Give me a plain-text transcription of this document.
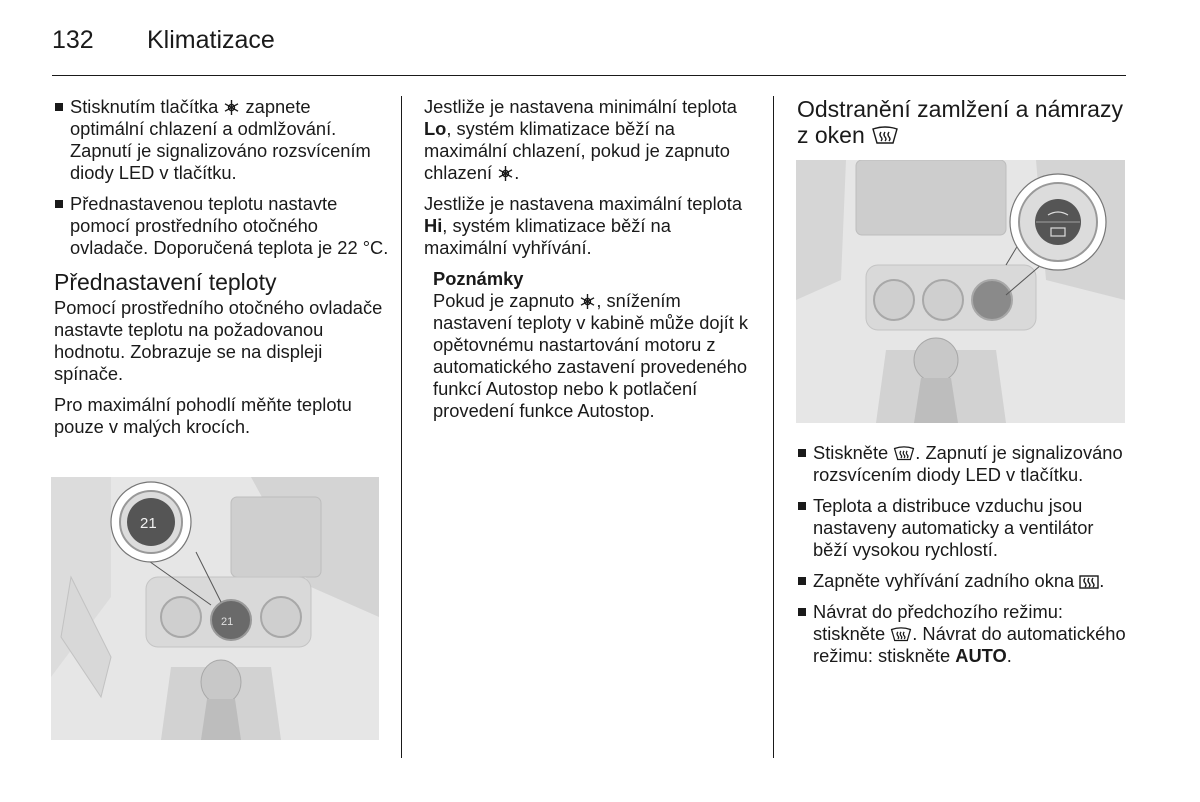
132 Klimatizace
Stisknutím tlačítka zapnete optimální chlazení a odmlžování. Zapnutí je signalizováno rozsvícením diody LED v tlačítku.
Přednastavenou teplotu nastavte pomocí prostředního otočného ovladače. Doporučená teplota je 22 °C.
Přednastavení teploty
Pomocí prostředního otočného ovladače nastavte teplotu na požadovanou hodnotu. Zobrazuje se na displeji spínače.
Pro maximální pohodlí měňte teplotu pouze v malých krocích.
21
21
Jestliže je nastavena minimální teplota Lo, systém klimatizace běží na maximální chlazení, pokud je zapnuto chlazení .
Jestliže je nastavena maximální teplota Hi, systém klimatizace běží na maximální vyhřívání.
Poznámky
Pokud je zapnuto , snížením nastavení teploty v kabině může dojít k opětovnému nastartování motoru z automatického zastavení provedeného funkcí Autostop nebo k potlačení provedení funkce Autostop.
Odstranění zamlžení a námrazy z oken
Stiskněte . Zapnutí je signalizováno rozsvícením diody LED v tlačítku.
Teplota a distribuce vzduchu jsou nastaveny automaticky a ventilátor běží vysokou rychlostí.
Zapněte vyhřívání zadního okna .
Návrat do předchozího režimu: stiskněte . Návrat do automatického režimu: stiskněte AUTO.
